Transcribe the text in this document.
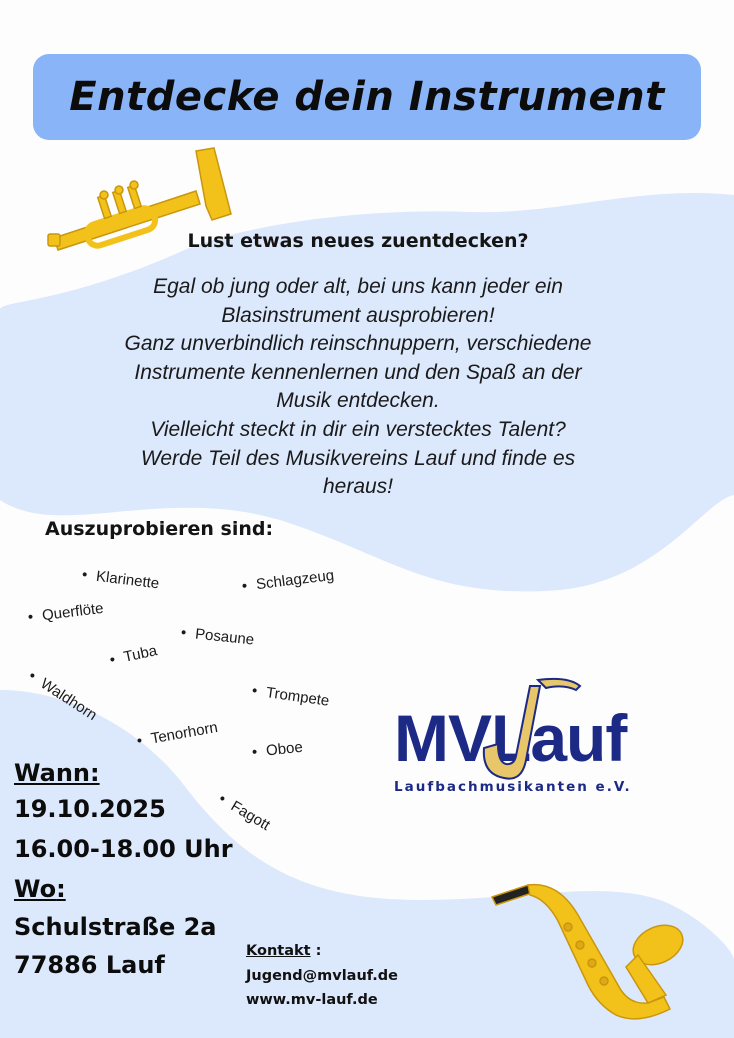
Entdecke dein Instrument
Lust etwas neues zuentdecken?
Egal ob jung oder alt, bei uns kann jeder ein
Blasinstrument ausprobieren!
Ganz unverbindlich reinschnuppern, verschiedene
Instrumente kennenlernen und den Spaß an der
Musik entdecken.
Vielleicht steckt in dir ein verstecktes Talent?
Werde Teil des Musikvereins Lauf und finde es
heraus!
Auszuprobieren sind:
• Klarinette	• Schlagzeug
• Querflöte
• Posaune
• Tuba
• Waldhorn	• Trompete
• Tenorhorn
• Oboe
• Fagott
MVLauf
Laufbachmusikanten e.V.
Wann:
19.10.2025
16.00-18.00 Uhr
Wo:
Schulstraße 2a
77886 Lauf	Kontakt :
Jugend@mvlauf.de
www.mv-lauf.de
